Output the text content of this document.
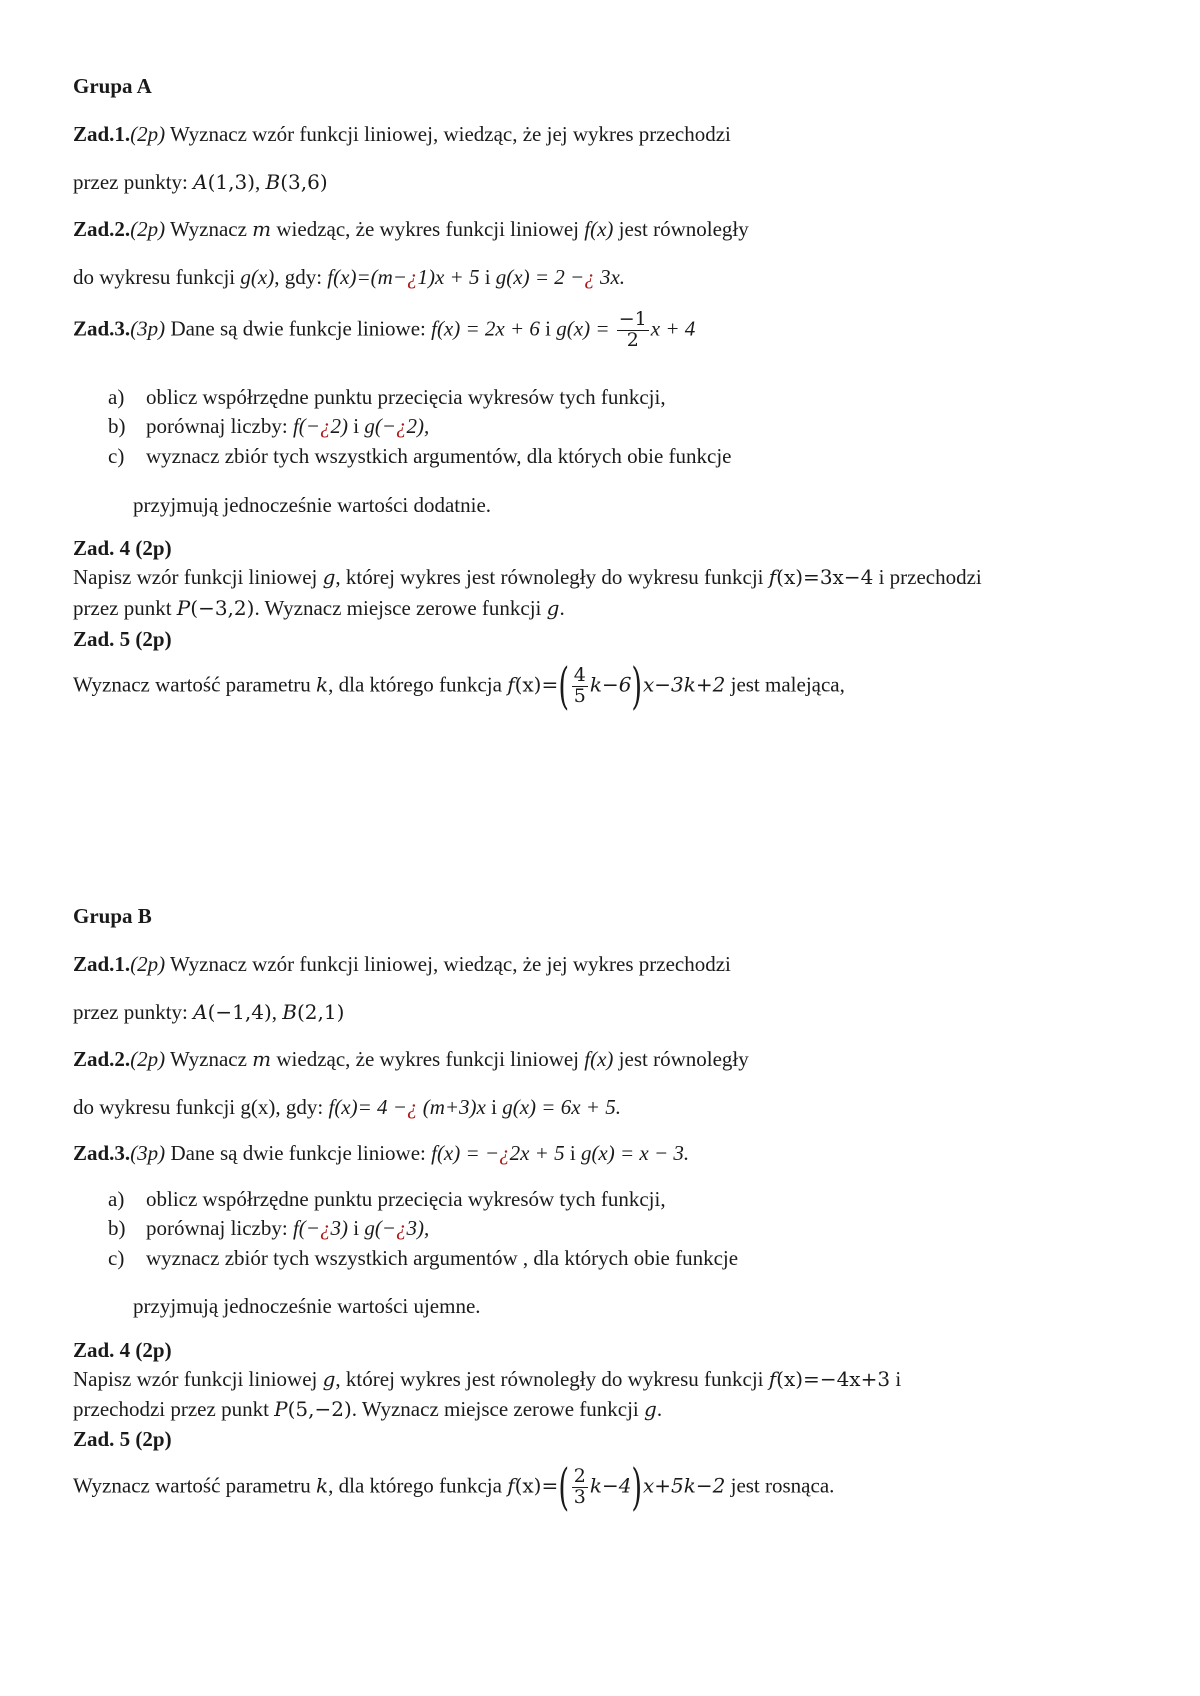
Grupa A
Zad.1.(2p) Wyznacz wzór funkcji liniowej, wiedząc, że jej wykres przechodzi
przez punkty: A(1,3), B(3,6)
Zad.2.(2p) Wyznacz m wiedząc, że wykres funkcji liniowej f(x) jest równoległy
do wykresu funkcji g(x), gdy: f(x)=(m−¿1)x + 5 i g(x) = 2 −¿ 3x.
Zad.3.(3p) Dane są dwie funkcje liniowe: f(x) = 2x + 6 i $g(x) = \frac{-1}{2}$ x + 4
a) oblicz współrzędne punktu przecięcia wykresów tych funkcji,
b) porównaj liczby: f(−¿2) i g(−¿2),
c) wyznacz zbiór tych wszystkich argumentów, dla których obie funkcje
przyjmują jednocześnie wartości dodatnie.
Zad. 4 (2p)
Napisz wzór funkcji liniowej g, której wykres jest równoległy do wykresu funkcji f(x)=3x−4 i przechodzi
przez punkt P(−3,2). Wyznacz miejsce zerowe funkcji g.
Zad. 5 (2p)
Wyznacz wartość parametru k, dla którego funkcja $f(x)=( \frac{4}{5} k-6)x-3k+2$ jest malejąca,
Grupa B
Zad.1.(2p) Wyznacz wzór funkcji liniowej, wiedząc, że jej wykres przechodzi
przez punkty: A(−1,4), B(2,1)
Zad.2.(2p) Wyznacz m wiedząc, że wykres funkcji liniowej f(x) jest równoległy
do wykresu funkcji g(x), gdy: f(x)= 4 −¿ (m+3)x i g(x) = 6x + 5.
Zad.3.(3p) Dane są dwie funkcje liniowe: f(x) = −¿2x + 5 i g(x) = x − 3.
a) oblicz współrzędne punktu przecięcia wykresów tych funkcji,
b) porównaj liczby: f(−¿3) i g(−¿3),
c) wyznacz zbiór tych wszystkich argumentów , dla których obie funkcje
przyjmują jednocześnie wartości ujemne.
Zad. 4 (2p)
Napisz wzór funkcji liniowej g, której wykres jest równoległy do wykresu funkcji f(x)=−4x+3 i
przechodzi przez punkt P(5,−2). Wyznacz miejsce zerowe funkcji g.
Zad. 5 (2p)
Wyznacz wartość parametru k, dla którego funkcja $f(x)=( \frac{2}{3} k-4)x+5k-2$ jest rosnąca.
